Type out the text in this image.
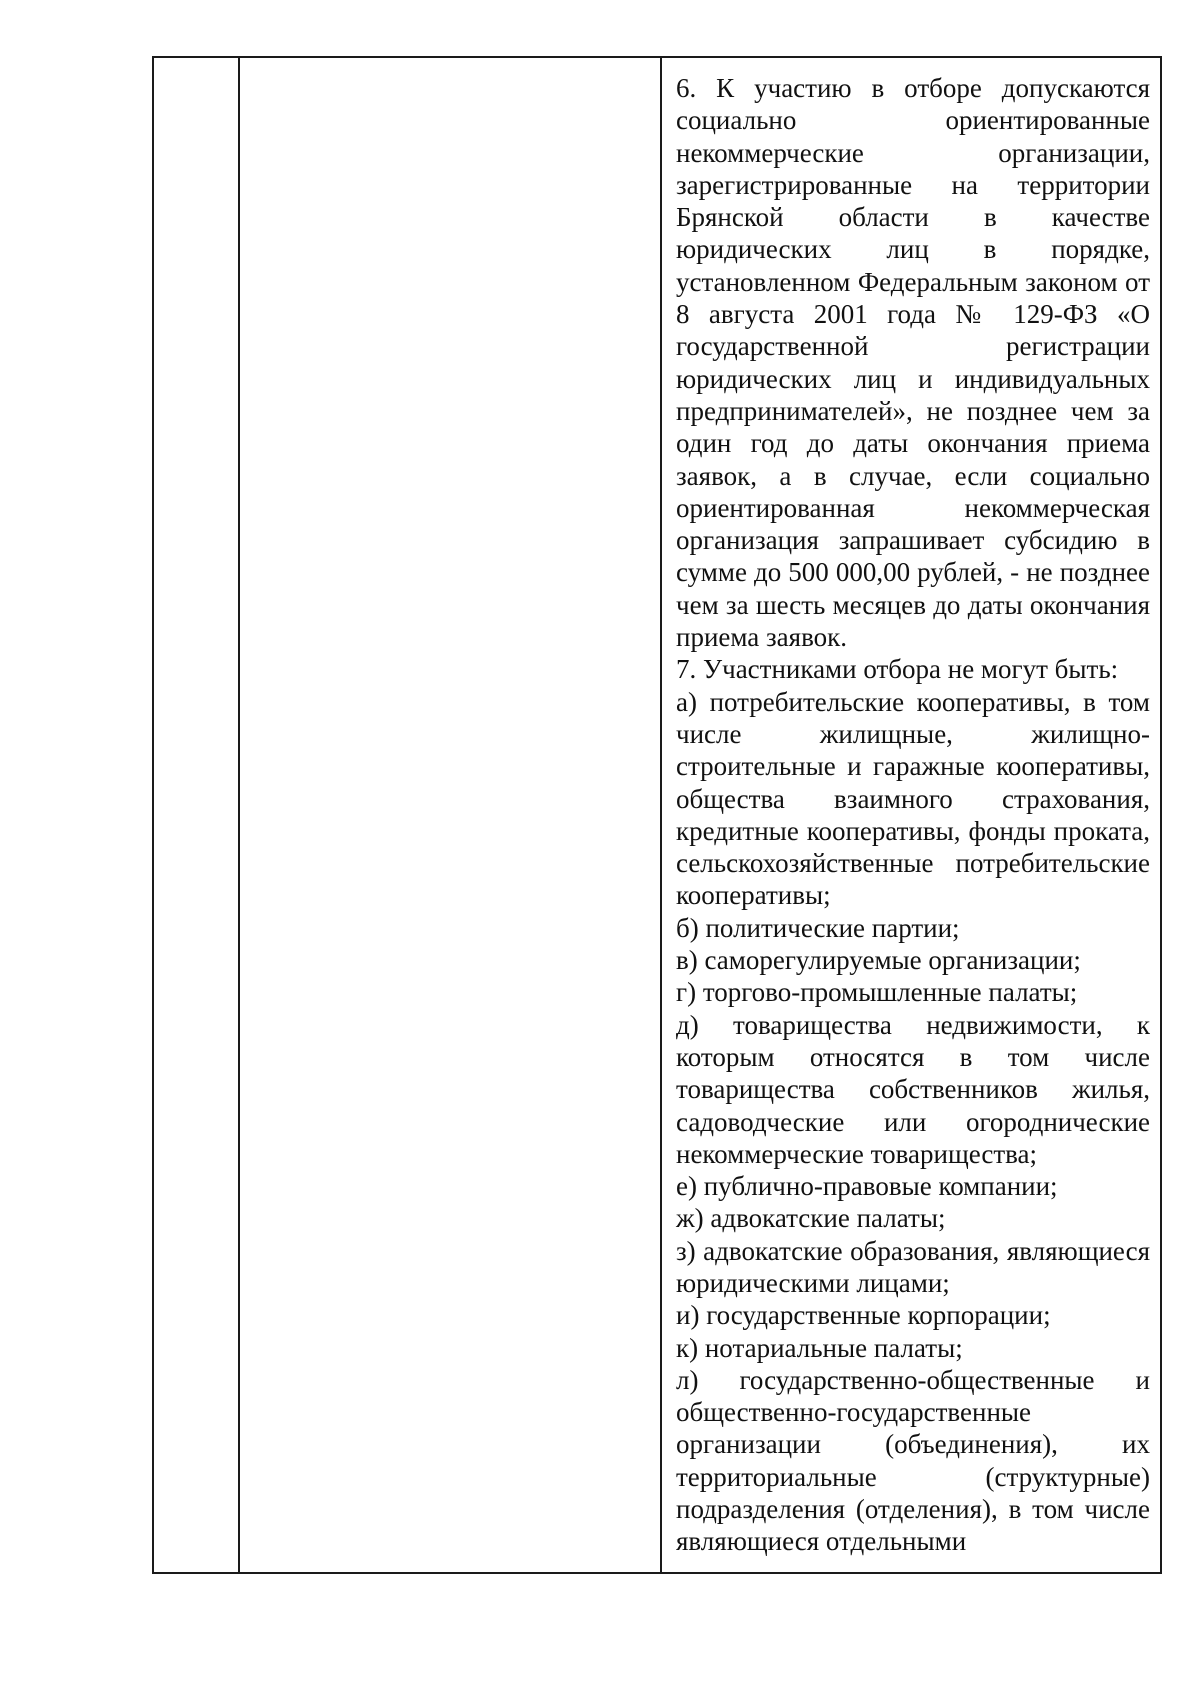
6. К участию в отборе допускаются социально ориентированные некоммерческие организации, зарегистрированные на территории Брянской области в качестве юридических лиц в порядке, установленном Федеральным законом от 8 августа 2001 года № 129-ФЗ «О государственной регистрации юридических лиц и индивидуальных предпринимателей», не позднее чем за один год до даты окончания приема заявок, а в случае, если социально ориентированная некоммерческая организация запрашивает субсидию в сумме до 500 000,00 рублей, - не позднее чем за шесть месяцев до даты окончания приема заявок.

7. Участниками отбора не могут быть:

а) потребительские кооперативы, в том числе жилищные, жилищно-строительные и гаражные кооперативы, общества взаимного страхования, кредитные кооперативы, фонды проката, сельскохозяйственные потребительские кооперативы;

б) политические партии;

в) саморегулируемые организации;

г) торгово-промышленные палаты;

д) товарищества недвижимости, к которым относятся в том числе товарищества собственников жилья, садоводческие или огороднические некоммерческие товарищества;

е) публично-правовые компании;

ж) адвокатские палаты;

з) адвокатские образования, являющиеся юридическими лицами;

и) государственные корпорации;

к) нотариальные палаты;

л) государственно-общественные и общественно-государственные организации (объединения), их территориальные (структурные) подразделения (отделения), в том числе являющиеся отдельными
